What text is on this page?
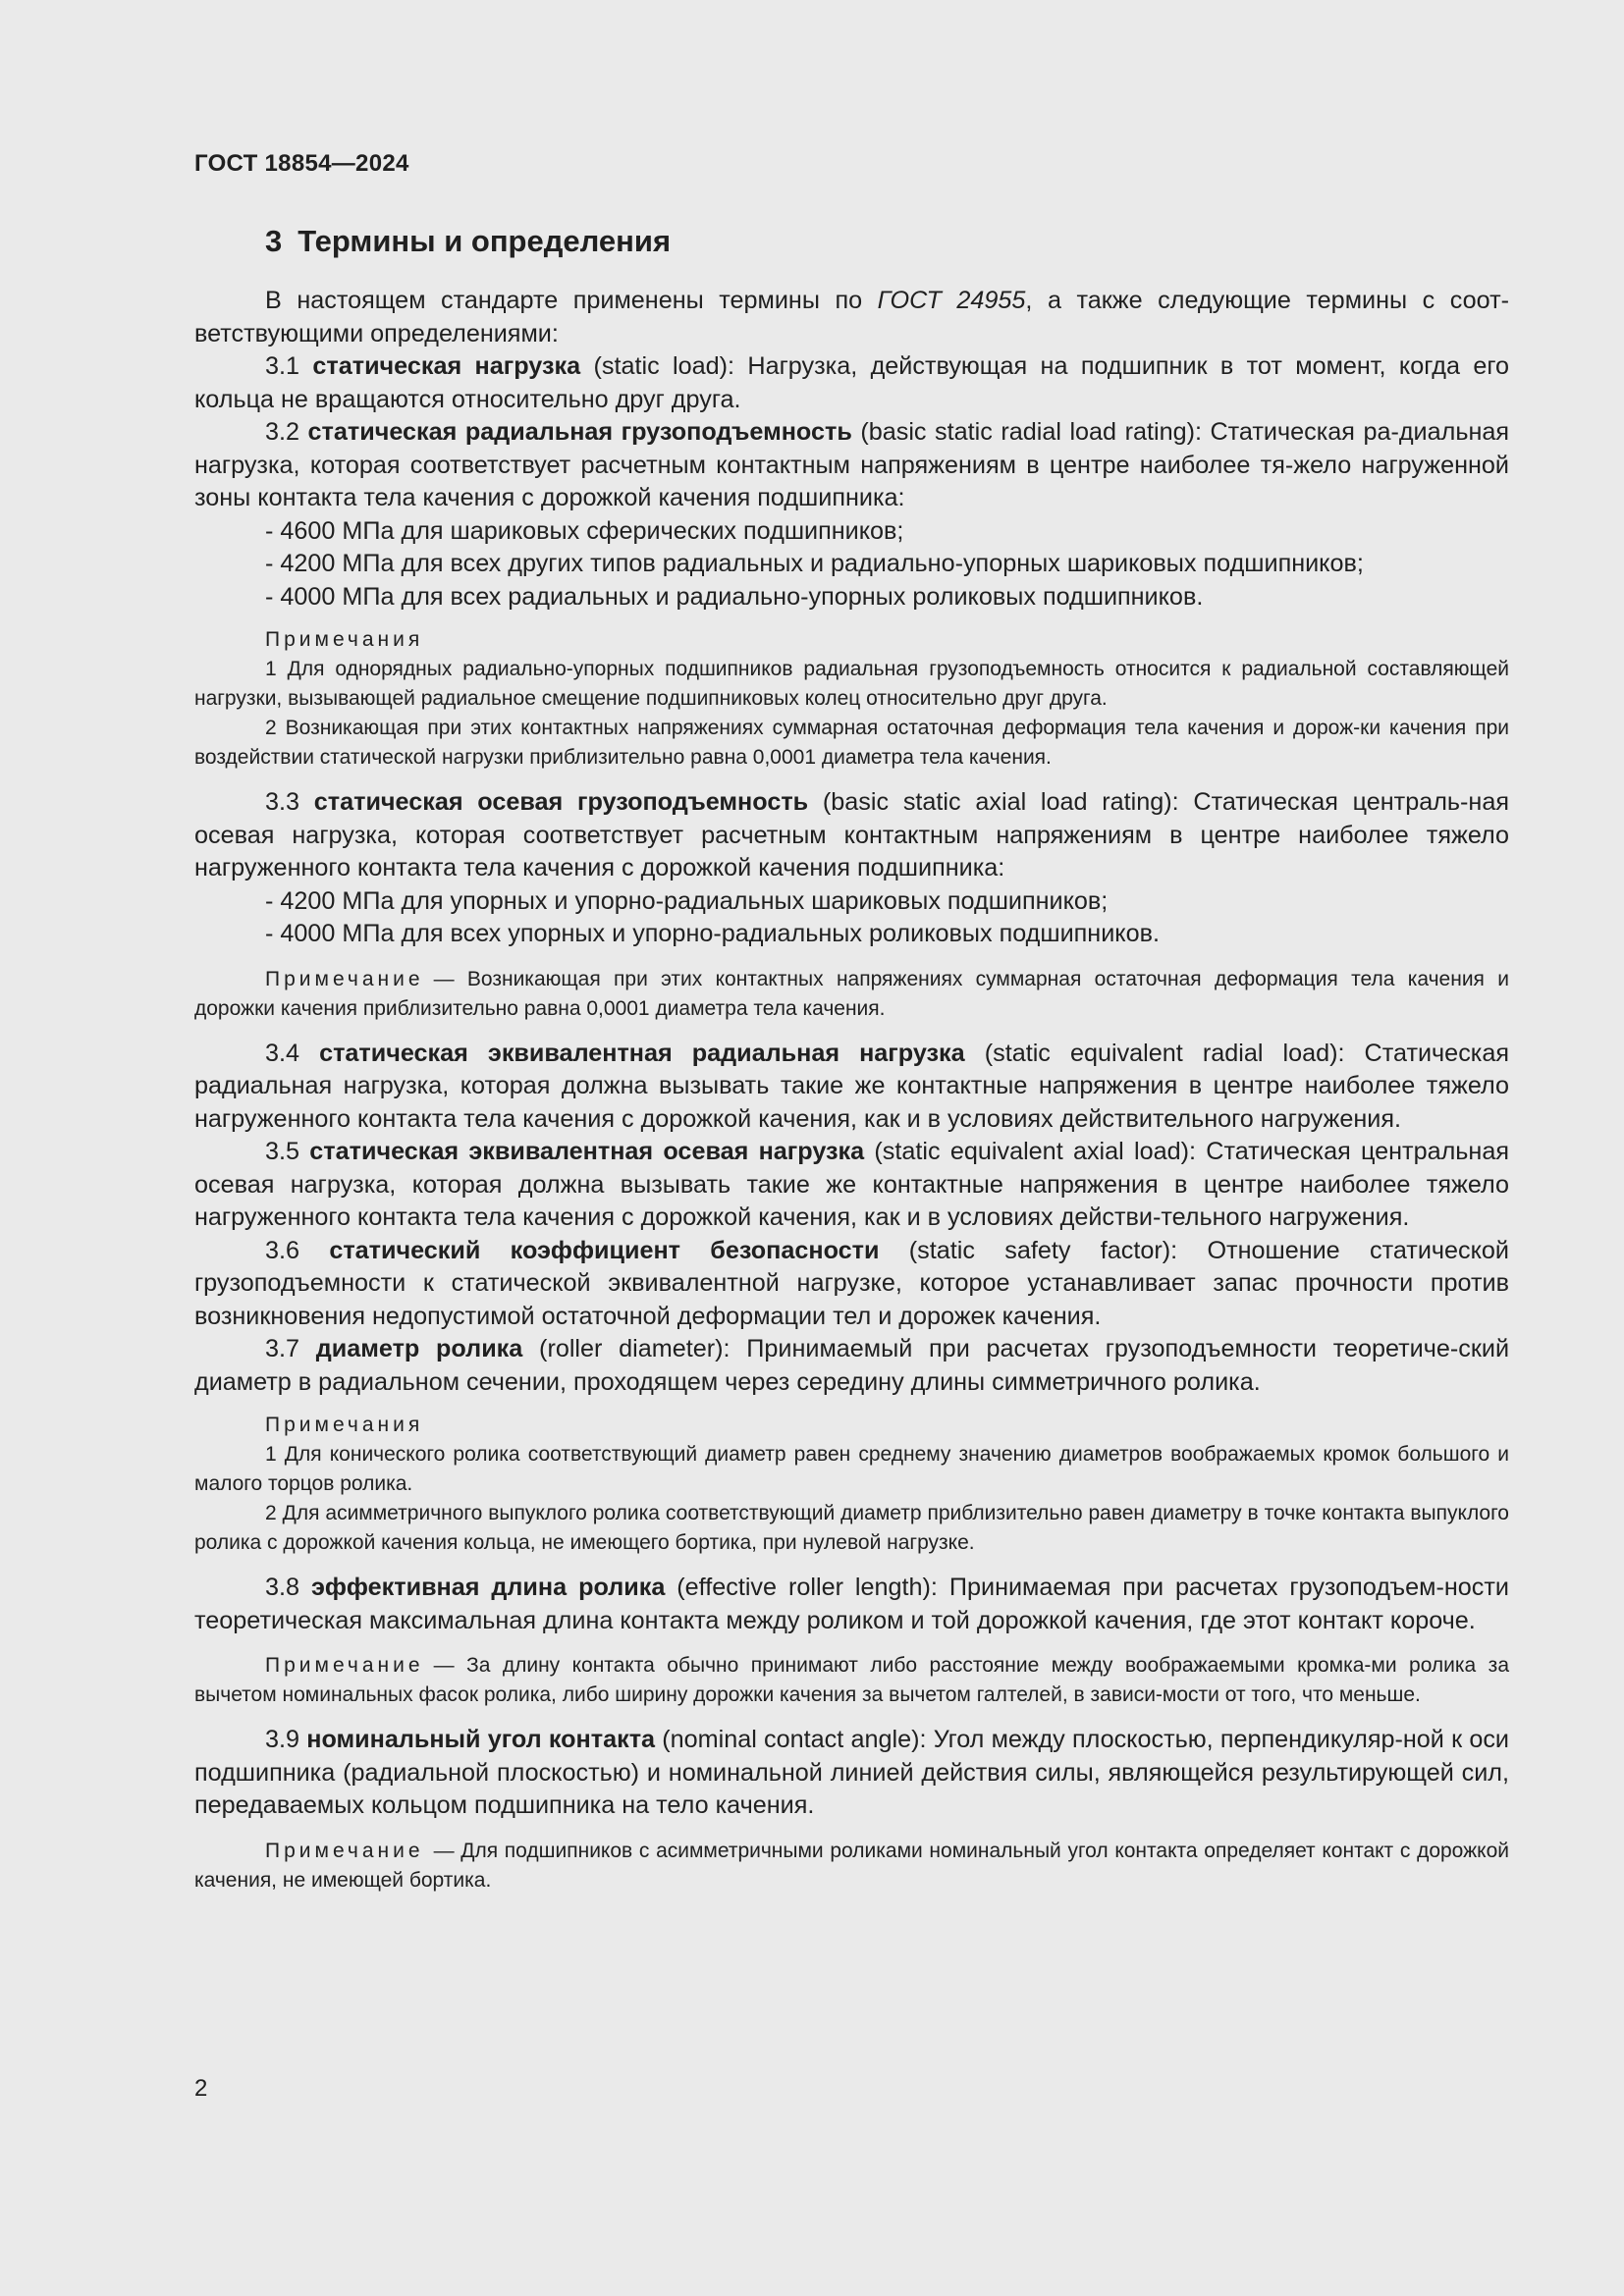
ГОСТ 18854—2024
3 Термины и определения

В настоящем стандарте применены термины по ГОСТ 24955, а также следующие термины с соот-ветствующими определениями:

3.1 статическая нагрузка (static load): Нагрузка, действующая на подшипник в тот момент, когда его кольца не вращаются относительно друг друга.

3.2 статическая радиальная грузоподъемность (basic static radial load rating): Статическая ра-диальная нагрузка, которая соответствует расчетным контактным напряжениям в центре наиболее тя-жело нагруженной зоны контакта тела качения с дорожкой качения подшипника:

- 4600 МПа для шариковых сферических подшипников;

- 4200 МПа для всех других типов радиальных и радиально-упорных шариковых подшипников;

- 4000 МПа для всех радиальных и радиально-упорных роликовых подшипников.

Примечания

1 Для однорядных радиально-упорных подшипников радиальная грузоподъемность относится к радиальной составляющей нагрузки, вызывающей радиальное смещение подшипниковых колец относительно друг друга.

2 Возникающая при этих контактных напряжениях суммарная остаточная деформация тела качения и дорож-ки качения при воздействии статической нагрузки приблизительно равна 0,0001 диаметра тела качения.

3.3 статическая осевая грузоподъемность (basic static axial load rating): Статическая централь-ная осевая нагрузка, которая соответствует расчетным контактным напряжениям в центре наиболее тяжело нагруженного контакта тела качения с дорожкой качения подшипника:

- 4200 МПа для упорных и упорно-радиальных шариковых подшипников;

- 4000 МПа для всех упорных и упорно-радиальных роликовых подшипников.

Примечание — Возникающая при этих контактных напряжениях суммарная остаточная деформация тела качения и дорожки качения приблизительно равна 0,0001 диаметра тела качения.

3.4 статическая эквивалентная радиальная нагрузка (static equivalent radial load): Статическая радиальная нагрузка, которая должна вызывать такие же контактные напряжения в центре наиболее тяжело нагруженного контакта тела качения с дорожкой качения, как и в условиях действительного нагружения.

3.5 статическая эквивалентная осевая нагрузка (static equivalent axial load): Статическая центральная осевая нагрузка, которая должна вызывать такие же контактные напряжения в центре наиболее тяжело нагруженного контакта тела качения с дорожкой качения, как и в условиях действи-тельного нагружения.

3.6 статический коэффициент безопасности (static safety factor): Отношение статической грузоподъемности к статической эквивалентной нагрузке, которое устанавливает запас прочности против возникновения недопустимой остаточной деформации тел и дорожек качения.

3.7 диаметр ролика (roller diameter): Принимаемый при расчетах грузоподъемности теоретиче-ский диаметр в радиальном сечении, проходящем через середину длины симметричного ролика.

Примечания

1 Для конического ролика соответствующий диаметр равен среднему значению диаметров воображаемых кромок большого и малого торцов ролика.

2 Для асимметричного выпуклого ролика соответствующий диаметр приблизительно равен диаметру в точке контакта выпуклого ролика с дорожкой качения кольца, не имеющего бортика, при нулевой нагрузке.

3.8 эффективная длина ролика (effective roller length): Принимаемая при расчетах грузоподъем-ности теоретическая максимальная длина контакта между роликом и той дорожкой качения, где этот контакт короче.

Примечание — За длину контакта обычно принимают либо расстояние между воображаемыми кромка-ми ролика за вычетом номинальных фасок ролика, либо ширину дорожки качения за вычетом галтелей, в зависи-мости от того, что меньше.

3.9 номинальный угол контакта (nominal contact angle): Угол между плоскостью, перпендикуляр-ной к оси подшипника (радиальной плоскостью) и номинальной линией действия силы, являющейся результирующей сил, передаваемых кольцом подшипника на тело качения.

Примечание — Для подшипников с асимметричными роликами номинальный угол контакта определяет контакт с дорожкой качения, не имеющей бортика.

2
